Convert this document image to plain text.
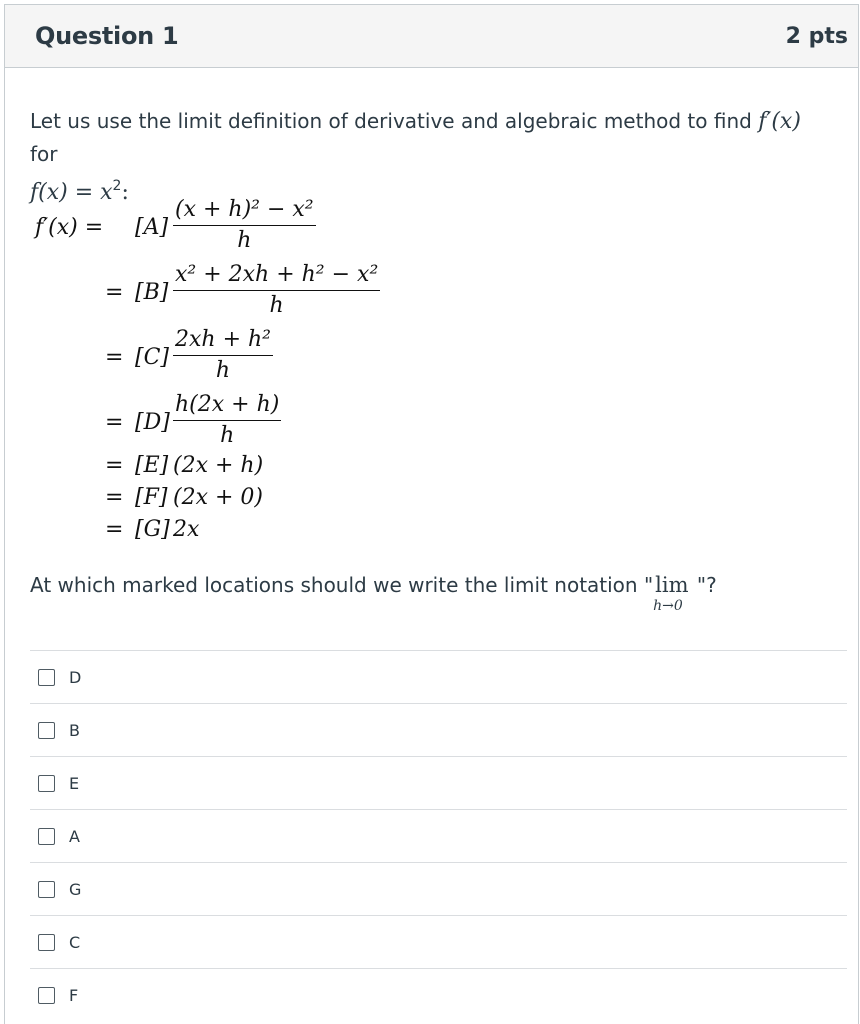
Question 1	2 pts
Let us use the limit definition of derivative and algebraic method to find f′(x) for
$f(x) = x^2$:
$f'(x) = [A] \frac{\text{(x + h)² − x²}}{h}$
= $[B] \frac{\text{x² + 2xh + h² − x²}}{h}$
= $[C] \frac{\text{2xh + h²}}{h}$
= $[D] \frac{h(2x + h)}{h}$
= [E] (2x + h)
= [F] (2x + 0)
= [G] 2x
At which marked locations should we write the limit notation "lim
h→0
"?
D
B
E
A
G
C
F
